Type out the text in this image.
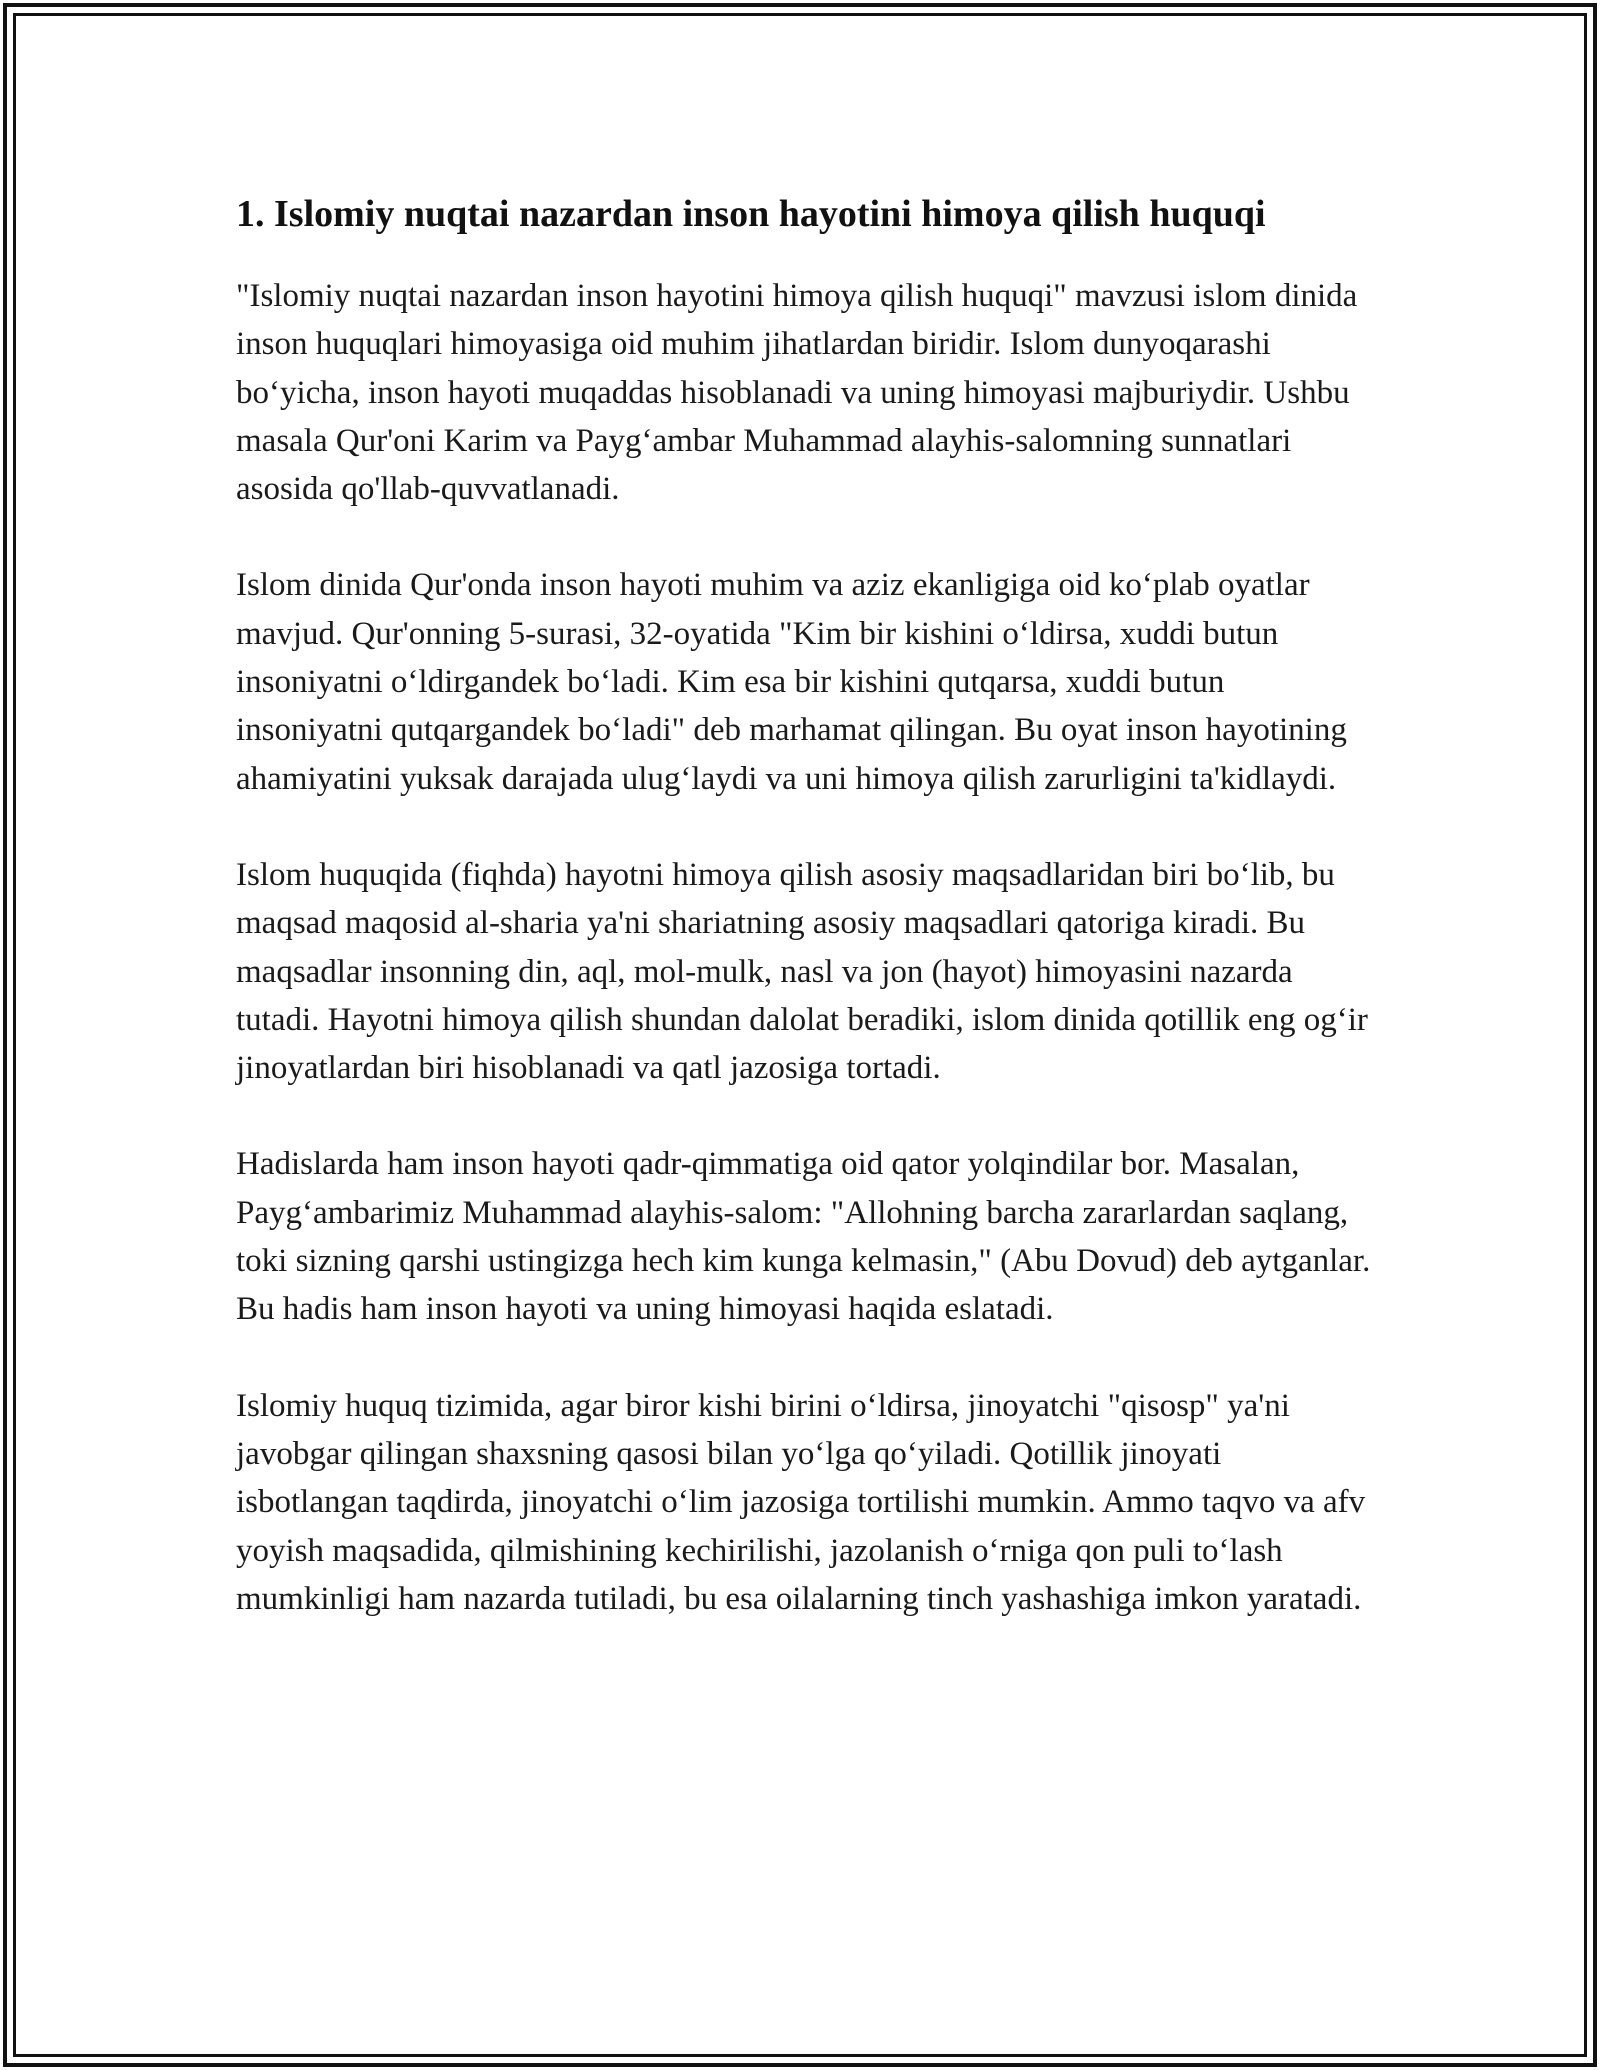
1. Islomiy nuqtai nazardan inson hayotini himoya qilish huquqi

"Islomiy nuqtai nazardan inson hayotini himoya qilish huquqi" mavzusi islom dinida inson huquqlari himoyasiga oid muhim jihatlardan biridir. Islom dunyoqarashi bo‘yicha, inson hayoti muqaddas hisoblanadi va uning himoyasi majburiydir. Ushbu masala Qur'oni Karim va Payg‘ambar Muhammad alayhis-salomning sunnatlari asosida qo'llab-quvvatlanadi.

Islom dinida Qur'onda inson hayoti muhim va aziz ekanligiga oid ko‘plab oyatlar mavjud. Qur'onning 5-surasi, 32-oyatida "Kim bir kishini o‘ldirsa, xuddi butun insoniyatni o‘ldirgandek bo‘ladi. Kim esa bir kishini qutqarsa, xuddi butun insoniyatni qutqargandek bo‘ladi" deb marhamat qilingan. Bu oyat inson hayotining ahamiyatini yuksak darajada ulug‘laydi va uni himoya qilish zarurligini ta'kidlaydi.

Islom huquqida (fiqhda) hayotni himoya qilish asosiy maqsadlaridan biri bo‘lib, bu maqsad maqosid al-sharia ya'ni shariatning asosiy maqsadlari qatoriga kiradi. Bu maqsadlar insonning din, aql, mol-mulk, nasl va jon (hayot) himoyasini nazarda tutadi. Hayotni himoya qilish shundan dalolat beradiki, islom dinida qotillik eng og‘ir jinoyatlardan biri hisoblanadi va qatl jazosiga tortadi.

Hadislarda ham inson hayoti qadr-qimmatiga oid qator yolqindilar bor. Masalan, Payg‘ambarimiz Muhammad alayhis-salom: "Allohning barcha zararlardan saqlang, toki sizning qarshi ustingizga hech kim kunga kelmasin," (Abu Dovud) deb aytganlar. Bu hadis ham inson hayoti va uning himoyasi haqida eslatadi.

Islomiy huquq tizimida, agar biror kishi birini o‘ldirsa, jinoyatchi "qisosp" ya'ni javobgar qilingan shaxsning qasosi bilan yo‘lga qo‘yiladi. Qotillik jinoyati isbotlangan taqdirda, jinoyatchi o‘lim jazosiga tortilishi mumkin. Ammo taqvo va afv yoyish maqsadida, qilmishining kechirilishi, jazolanish o‘rniga qon puli to‘lash mumkinligi ham nazarda tutiladi, bu esa oilalarning tinch yashashiga imkon yaratadi.
